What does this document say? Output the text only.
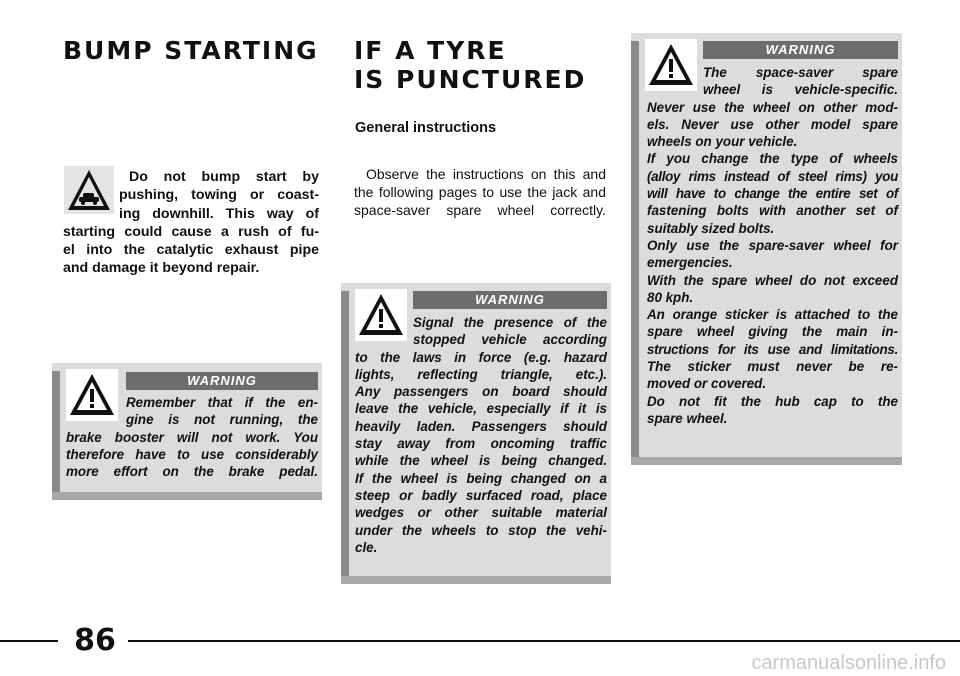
BUMP STARTING
Do not bump start by
pushing, towing or coast-
ing downhill. This way of
starting could cause a rush of fu-
el into the catalytic exhaust pipe
and damage it beyond repair.
WARNING
Remember that if the en-
gine is not running, the
brake booster will not work. You
therefore have to use considerably
more effort on the brake pedal.
IF A TYRE
IS PUNCTURED
General instructions
Observe the instructions on this and
the following pages to use the jack and
space-saver spare wheel correctly.
WARNING
Signal the presence of the
stopped vehicle according
to the laws in force (e.g. hazard
lights, reflecting triangle, etc.).
Any passengers on board should
leave the vehicle, especially if it is
heavily laden. Passengers should
stay away from oncoming traffic
while the wheel is being changed.
If the wheel is being changed on a
steep or badly surfaced road, place
wedges or other suitable material
under the wheels to stop the vehi-
cle.
WARNING
The space-saver spare
wheel is vehicle-specific.
Never use the wheel on other mod-
els. Never use other model spare
wheels on your vehicle.
If you change the type of wheels
(alloy rims instead of steel rims) you
will have to change the entire set of
fastening bolts with another set of
suitably sized bolts.
Only use the spare-saver wheel for
emergencies.
With the spare wheel do not exceed
80 kph.
An orange sticker is attached to the
spare wheel giving the main in-
structions for its use and limitations.
The sticker must never be re-
moved or covered.
Do not fit the hub cap to the
spare wheel.
86
carmanualsonline.info
